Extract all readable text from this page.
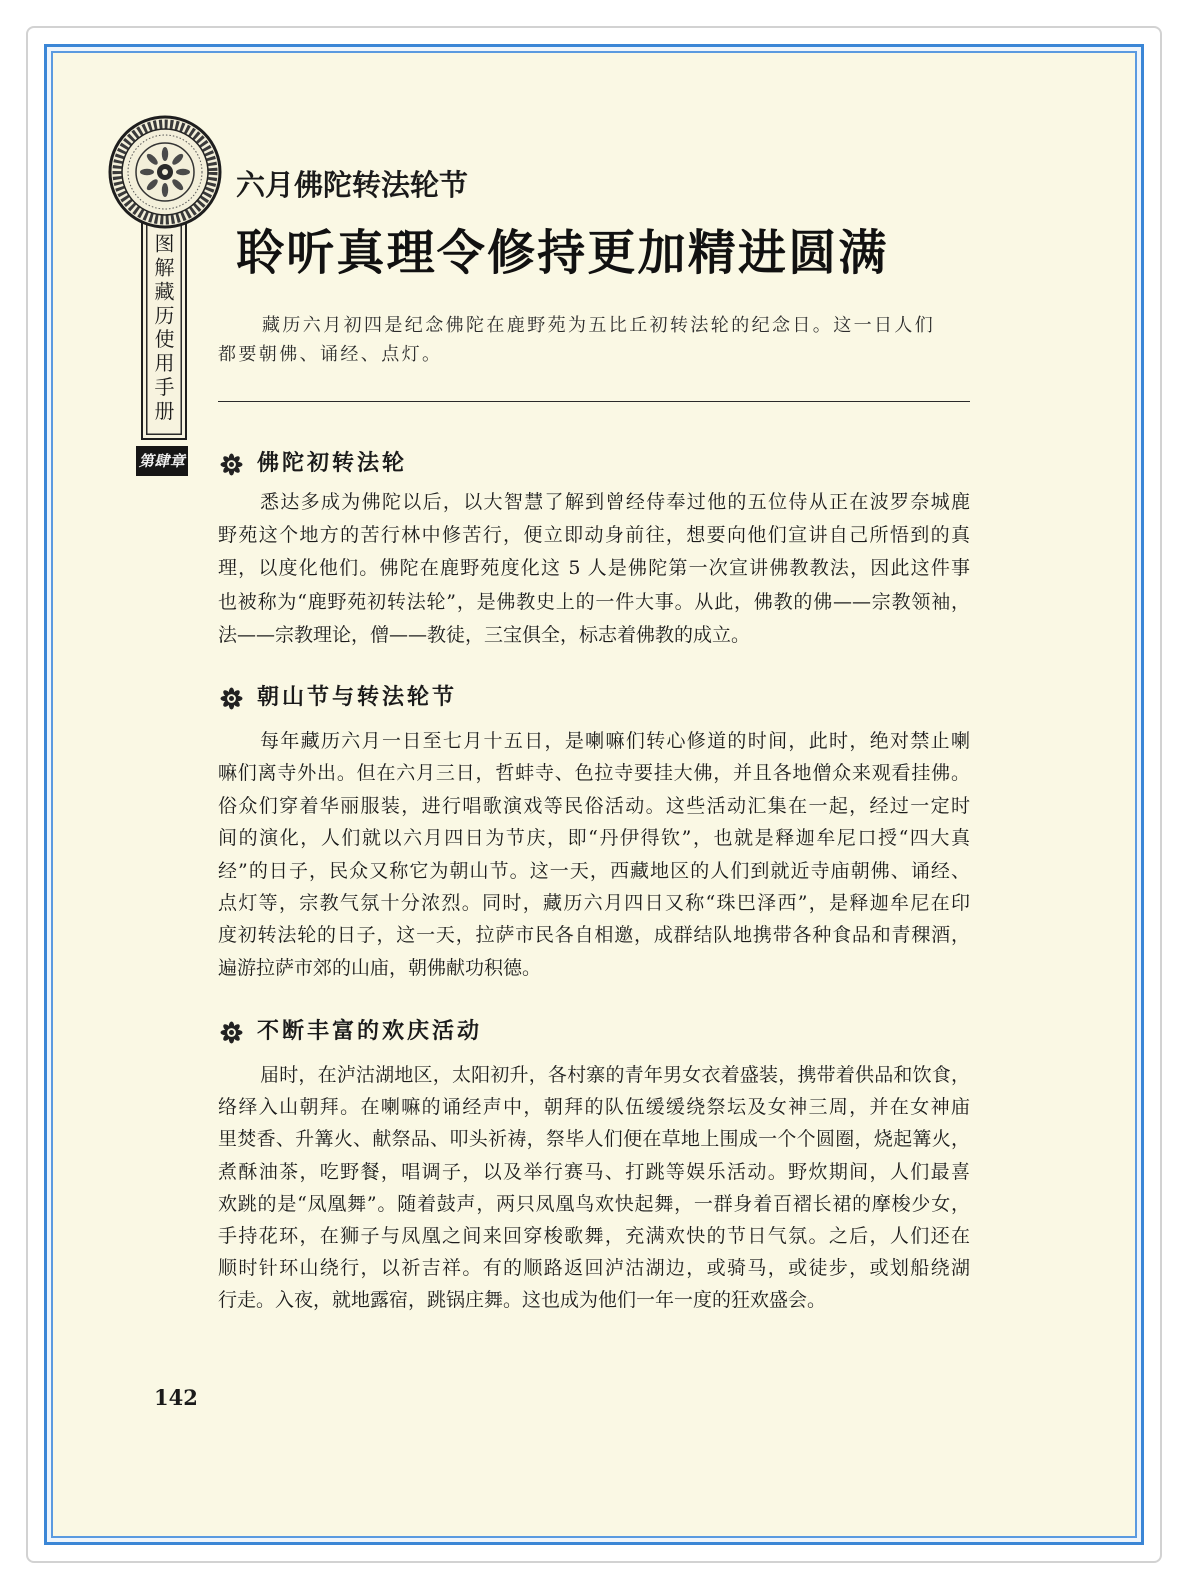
图解藏历使用手册
第肆章
六月佛陀转法轮节
聆听真理令修持更加精进圆满
藏历六月初四是纪念佛陀在鹿野苑为五比丘初转法轮的纪念日。这一日人们
都要朝佛、诵经、点灯。
佛陀初转法轮
悉达多成为佛陀以后，以大智慧了解到曾经侍奉过他的五位侍从正在波罗奈城鹿
野苑这个地方的苦行林中修苦行，便立即动身前往，想要向他们宣讲自己所悟到的真
理，以度化他们。佛陀在鹿野苑度化这 5 人是佛陀第一次宣讲佛教教法，因此这件事
也被称为“鹿野苑初转法轮”，是佛教史上的一件大事。从此，佛教的佛——宗教领袖，
法——宗教理论，僧——教徒，三宝俱全，标志着佛教的成立。
朝山节与转法轮节
每年藏历六月一日至七月十五日，是喇嘛们转心修道的时间，此时，绝对禁止喇
嘛们离寺外出。但在六月三日，哲蚌寺、色拉寺要挂大佛，并且各地僧众来观看挂佛。
俗众们穿着华丽服装，进行唱歌演戏等民俗活动。这些活动汇集在一起，经过一定时
间的演化，人们就以六月四日为节庆，即“丹伊得钦”，也就是释迦牟尼口授“四大真
经”的日子，民众又称它为朝山节。这一天，西藏地区的人们到就近寺庙朝佛、诵经、
点灯等，宗教气氛十分浓烈。同时，藏历六月四日又称“珠巴泽西”，是释迦牟尼在印
度初转法轮的日子，这一天，拉萨市民各自相邀，成群结队地携带各种食品和青稞酒，
遍游拉萨市郊的山庙，朝佛献功积德。
不断丰富的欢庆活动
届时，在泸沽湖地区，太阳初升，各村寨的青年男女衣着盛装，携带着供品和饮食，
络绎入山朝拜。在喇嘛的诵经声中，朝拜的队伍缓缓绕祭坛及女神三周，并在女神庙
里焚香、升篝火、献祭品、叩头祈祷，祭毕人们便在草地上围成一个个圆圈，烧起篝火，
煮酥油茶，吃野餐，唱调子，以及举行赛马、打跳等娱乐活动。野炊期间，人们最喜
欢跳的是“凤凰舞”。随着鼓声，两只凤凰鸟欢快起舞，一群身着百褶长裙的摩梭少女，
手持花环，在狮子与凤凰之间来回穿梭歌舞，充满欢快的节日气氛。之后，人们还在
顺时针环山绕行，以祈吉祥。有的顺路返回泸沽湖边，或骑马，或徒步，或划船绕湖
行走。入夜，就地露宿，跳锅庄舞。这也成为他们一年一度的狂欢盛会。
142
